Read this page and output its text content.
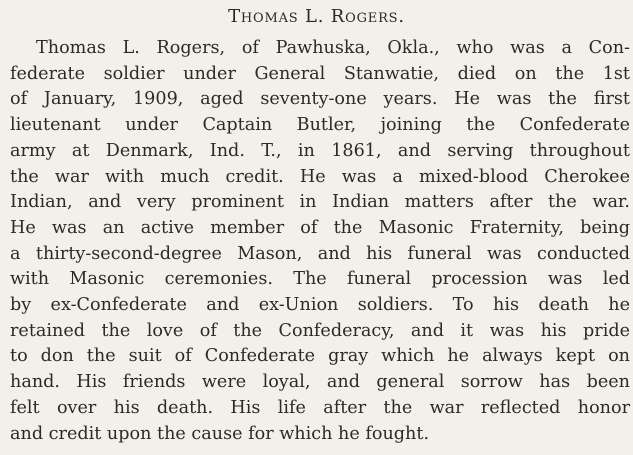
Thomas L. Rogers.
Thomas L. Rogers, of Pawhuska, Okla., who was a Con-
federate soldier under General Stanwatie, died on the 1st
of January, 1909, aged seventy-one years. He was the first
lieutenant under Captain Butler, joining the Confederate
army at Denmark, Ind. T., in 1861, and serving throughout
the war with much credit. He was a mixed-blood Cherokee
Indian, and very prominent in Indian matters after the war.
He was an active member of the Masonic Fraternity, being
a thirty-second-degree Mason, and his funeral was conducted
with Masonic ceremonies. The funeral procession was led
by ex-Confederate and ex-Union soldiers. To his death he
retained the love of the Confederacy, and it was his pride
to don the suit of Confederate gray which he always kept on
hand. His friends were loyal, and general sorrow has been
felt over his death. His life after the war reflected honor
and credit upon the cause for which he fought.
